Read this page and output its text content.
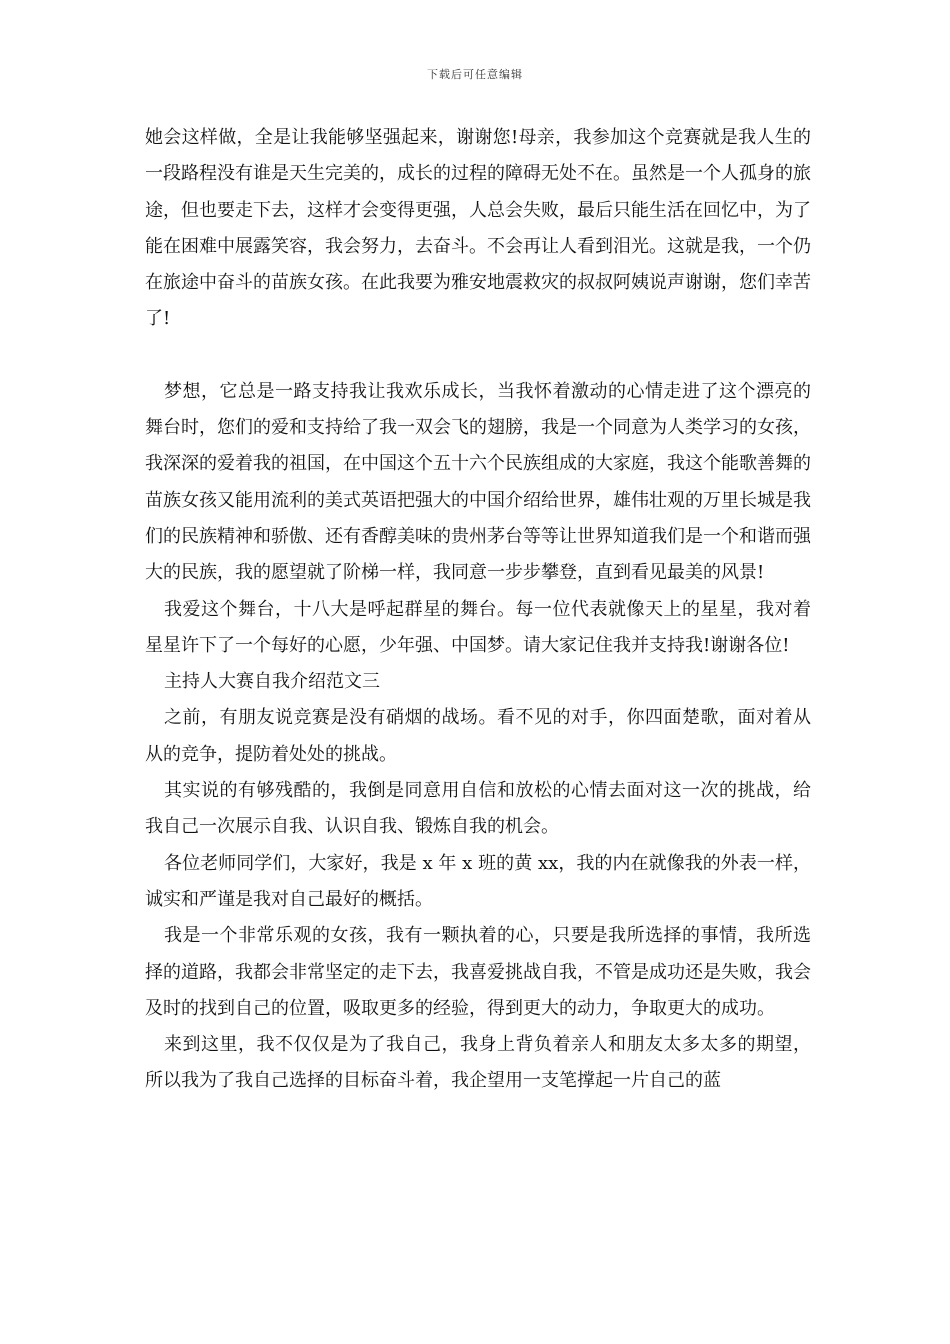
下载后可任意编辑

她会这样做，全是让我能够坚强起来，谢谢您!母亲，我参加这个竞赛就是我人生的一段路程没有谁是天生完美的，成长的过程的障碍无处不在。虽然是一个人孤身的旅途，但也要走下去，这样才会变得更强，人总会失败，最后只能生活在回忆中，为了能在困难中展露笑容，我会努力，去奋斗。不会再让人看到泪光。这就是我，一个仍在旅途中奋斗的苗族女孩。在此我要为雅安地震救灾的叔叔阿姨说声谢谢，您们幸苦了!

梦想，它总是一路支持我让我欢乐成长，当我怀着激动的心情走进了这个漂亮的舞台时，您们的爱和支持给了我一双会飞的翅膀，我是一个同意为人类学习的女孩，我深深的爱着我的祖国，在中国这个五十六个民族组成的大家庭，我这个能歌善舞的苗族女孩又能用流利的美式英语把强大的中国介绍给世界，雄伟壮观的万里长城是我们的民族精神和骄傲、还有香醇美味的贵州茅台等等让世界知道我们是一个和谐而强大的民族，我的愿望就了阶梯一样，我同意一步步攀登，直到看见最美的风景!

我爱这个舞台，十八大是呼起群星的舞台。每一位代表就像天上的星星，我对着星星许下了一个每好的心愿，少年强、中国梦。请大家记住我并支持我!谢谢各位!

主持人大赛自我介绍范文三

之前，有朋友说竞赛是没有硝烟的战场。看不见的对手，你四面楚歌，面对着从从的竞争，提防着处处的挑战。

其实说的有够残酷的，我倒是同意用自信和放松的心情去面对这一次的挑战，给我自己一次展示自我、认识自我、锻炼自我的机会。

各位老师同学们，大家好，我是 x 年 x 班的黄 xx，我的内在就像我的外表一样，诚实和严谨是我对自己最好的概括。

我是一个非常乐观的女孩，我有一颗执着的心，只要是我所选择的事情，我所选择的道路，我都会非常坚定的走下去，我喜爱挑战自我，不管是成功还是失败，我会及时的找到自己的位置，吸取更多的经验，得到更大的动力，争取更大的成功。

来到这里，我不仅仅是为了我自己，我身上背负着亲人和朋友太多太多的期望，所以我为了我自己选择的目标奋斗着，我企望用一支笔撑起一片自己的蓝
